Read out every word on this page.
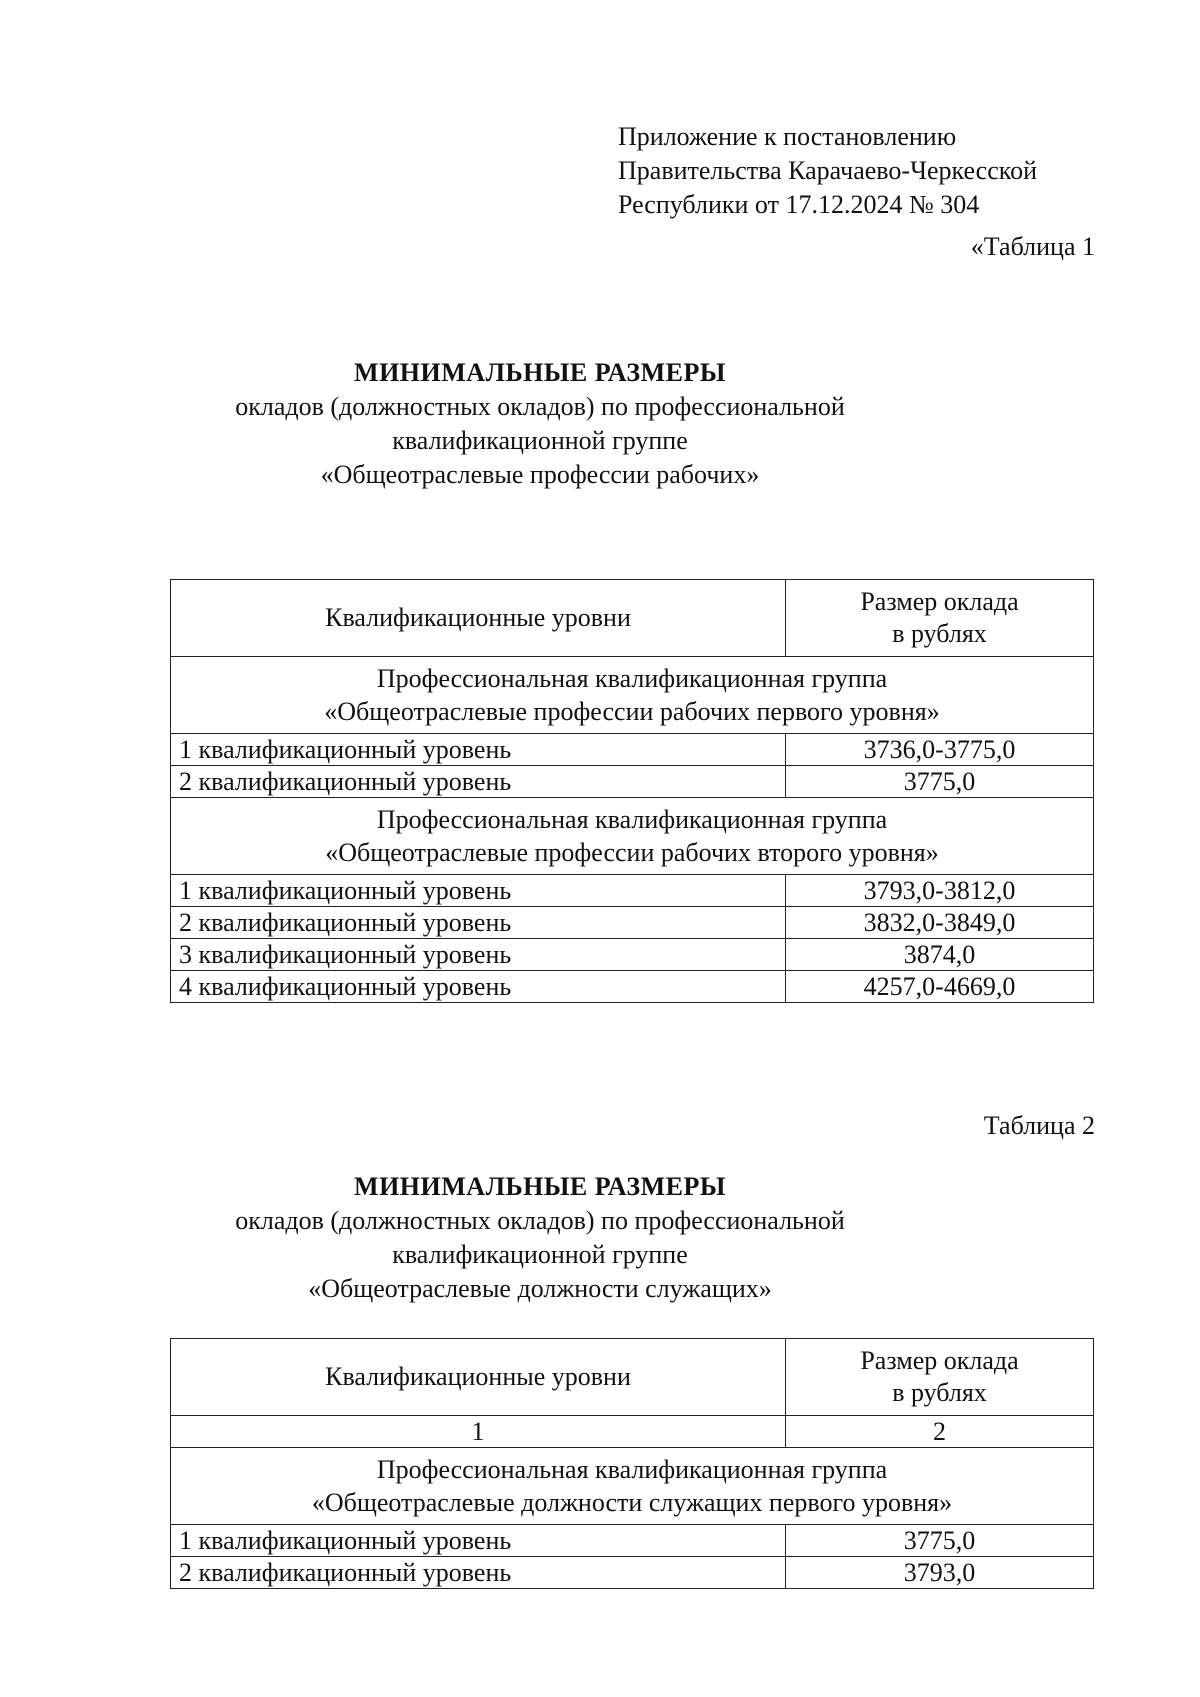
Приложение к постановлению
Правительства Карачаево-Черкесской
Республики от 17.12.2024 № 304
«Таблица 1
МИНИМАЛЬНЫЕ РАЗМЕРЫ
окладов (должностных окладов) по профессиональной
квалификационной группе
«Общеотраслевые профессии рабочих»
Квалификационные уровни	Размер оклада
в рублях

Профессиональная квалификационная группа
«Общеотраслевые профессии рабочих первого уровня»	

1 квалификационный уровень	3736,0-3775,0
2 квалификационный уровень	3775,0

Профессиональная квалификационная группа
«Общеотраслевые профессии рабочих второго уровня»	

1 квалификационный уровень	3793,0-3812,0
2 квалификационный уровень	3832,0-3849,0
3 квалификационный уровень	3874,0
4 квалификационный уровень	4257,0-4669,0
Таблица 2
МИНИМАЛЬНЫЕ РАЗМЕРЫ
окладов (должностных окладов) по профессиональной
квалификационной группе
«Общеотраслевые должности служащих»
Квалификационные уровни	Размер оклада
в рублях

1	2

Профессиональная квалификационная группа
«Общеотраслевые должности служащих первого уровня»	

1 квалификационный уровень	3775,0
2 квалификационный уровень	3793,0
